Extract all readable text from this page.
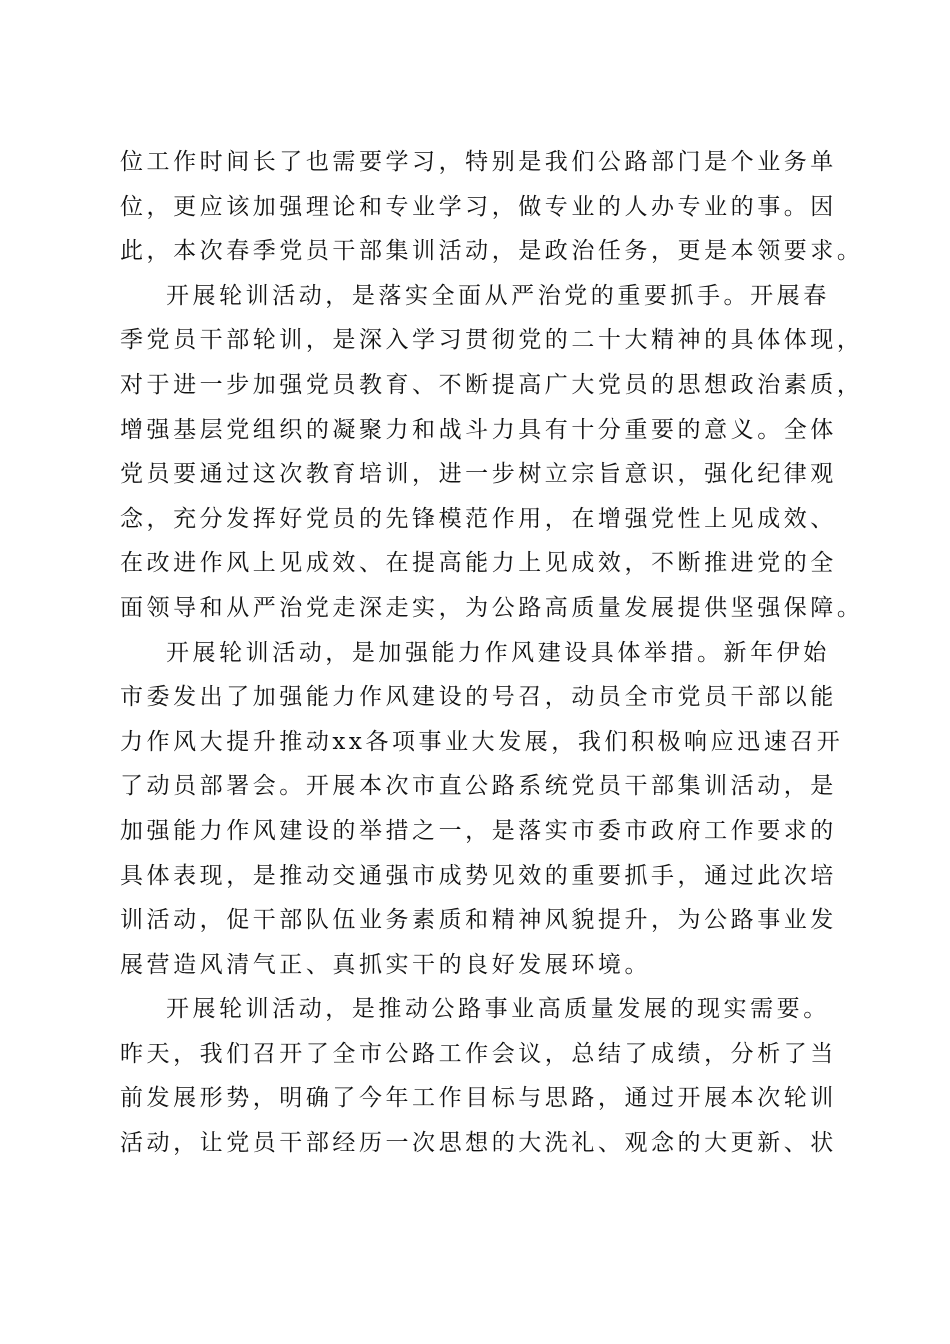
位工作时间长了也需要学习，特别是我们公路部门是个业务单
位，更应该加强理论和专业学习，做专业的人办专业的事。因
此，本次春季党员干部集训活动，是政治任务，更是本领要求。
开展轮训活动，是落实全面从严治党的重要抓手。开展春
季党员干部轮训，是深入学习贯彻党的二十大精神的具体体现，
对于进一步加强党员教育、不断提高广大党员的思想政治素质，
增强基层党组织的凝聚力和战斗力具有十分重要的意义。全体
党员要通过这次教育培训，进一步树立宗旨意识，强化纪律观
念，充分发挥好党员的先锋模范作用，在增强党性上见成效、
在改进作风上见成效、在提高能力上见成效，不断推进党的全
面领导和从严治党走深走实，为公路高质量发展提供坚强保障。
开展轮训活动，是加强能力作风建设具体举措。新年伊始
市委发出了加强能力作风建设的号召，动员全市党员干部以能
力作风大提升推动xx各项事业大发展，我们积极响应迅速召开
了动员部署会。开展本次市直公路系统党员干部集训活动，是
加强能力作风建设的举措之一，是落实市委市政府工作要求的
具体表现，是推动交通强市成势见效的重要抓手，通过此次培
训活动，促干部队伍业务素质和精神风貌提升，为公路事业发
展营造风清气正、真抓实干的良好发展环境。
开展轮训活动，是推动公路事业高质量发展的现实需要。
昨天，我们召开了全市公路工作会议，总结了成绩，分析了当
前发展形势，明确了今年工作目标与思路，通过开展本次轮训
活动，让党员干部经历一次思想的大洗礼、观念的大更新、状
